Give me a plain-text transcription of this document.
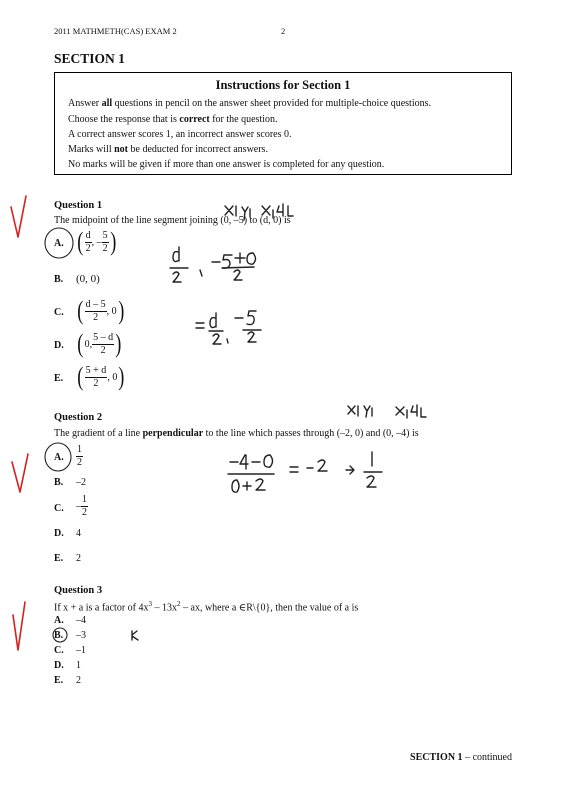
2011 MATHMETH(CAS) EXAM 2	2
SECTION 1
Instructions for Section 1
Answer all questions in pencil on the answer sheet provided for multiple-choice questions.
Choose the response that is correct for the question.
A correct answer scores 1, an incorrect answer scores 0.
Marks will not be deducted for incorrect answers.
No marks will be given if more than one answer is completed for any question.
Question 1
The midpoint of the line segment joining (0, –5) to (d, 0) is
A. ( $\frac{d}{2}$ , – $\frac{5}{2}$ )
B. (0, 0)
C. ( $\frac{d - 5}{2}$ , 0)
D. (0, $\frac{5 - d}{2}$ )
E. ( $\frac{5 + d}{2}$ , 0)
Question 2
The gradient of a line perpendicular to the line which passes through (–2, 0) and (0, –4) is
A. $\frac{1}{2}$
B. –2
C. – $\frac{1}{2}$
D. 4
E. 2
Question 3
If x + a is a factor of $4x^3 - 13x^2$ – ax, where a ∈R\{0}, then the value of a is
A. –4
B. –3
C. –1
D. 1
E. 2
SECTION 1 – continued
